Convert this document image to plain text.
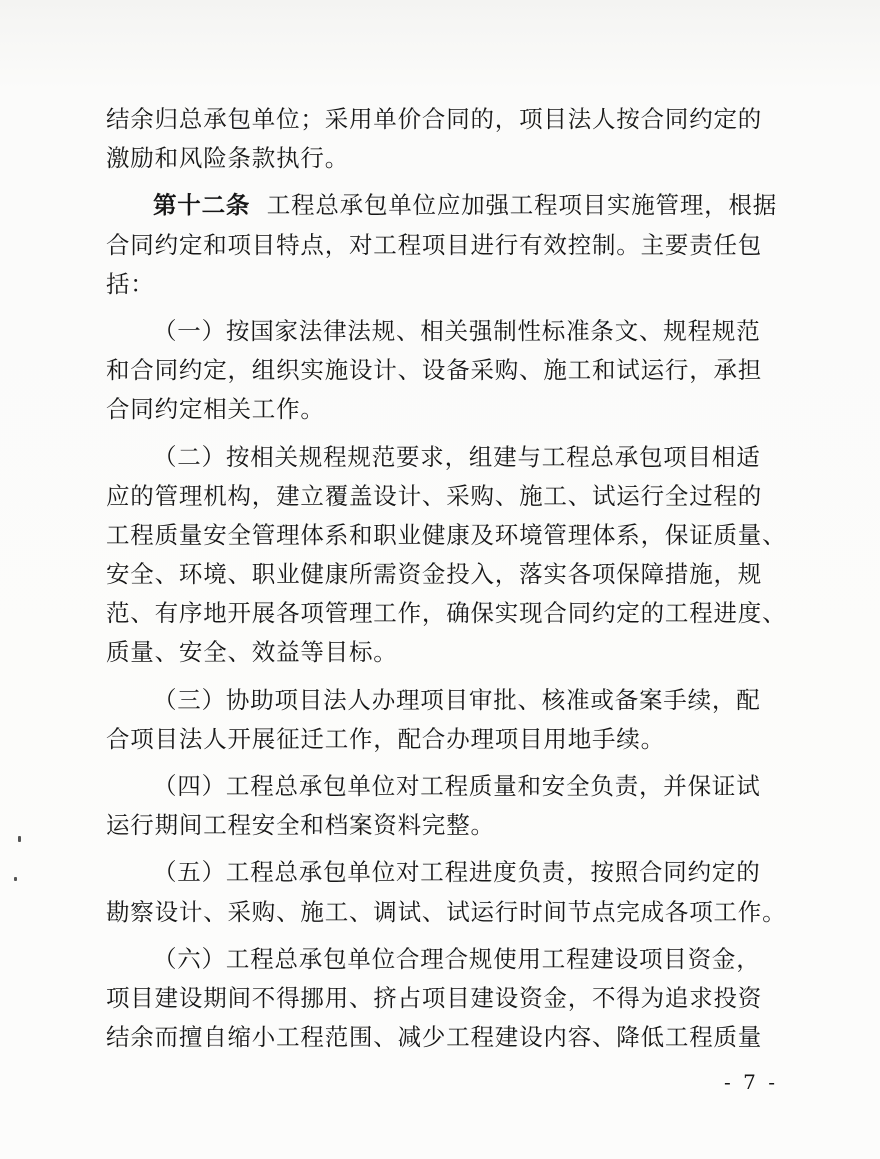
结余归总承包单位；采用单价合同的，项目法人按合同约定的
激励和风险条款执行。
第十二条 工程总承包单位应加强工程项目实施管理，根据
合同约定和项目特点，对工程项目进行有效控制。主要责任包
括：
（一）按国家法律法规、相关强制性标准条文、规程规范
和合同约定，组织实施设计、设备采购、施工和试运行，承担
合同约定相关工作。
（二）按相关规程规范要求，组建与工程总承包项目相适
应的管理机构，建立覆盖设计、采购、施工、试运行全过程的
工程质量安全管理体系和职业健康及环境管理体系，保证质量、
安全、环境、职业健康所需资金投入，落实各项保障措施，规
范、有序地开展各项管理工作，确保实现合同约定的工程进度、
质量、安全、效益等目标。
（三）协助项目法人办理项目审批、核准或备案手续，配
合项目法人开展征迁工作，配合办理项目用地手续。
（四）工程总承包单位对工程质量和安全负责，并保证试
运行期间工程安全和档案资料完整。
（五）工程总承包单位对工程进度负责，按照合同约定的
勘察设计、采购、施工、调试、试运行时间节点完成各项工作。
（六）工程总承包单位合理合规使用工程建设项目资金，
项目建设期间不得挪用、挤占项目建设资金，不得为追求投资
结余而擅自缩小工程范围、减少工程建设内容、降低工程质量
- 7 -
